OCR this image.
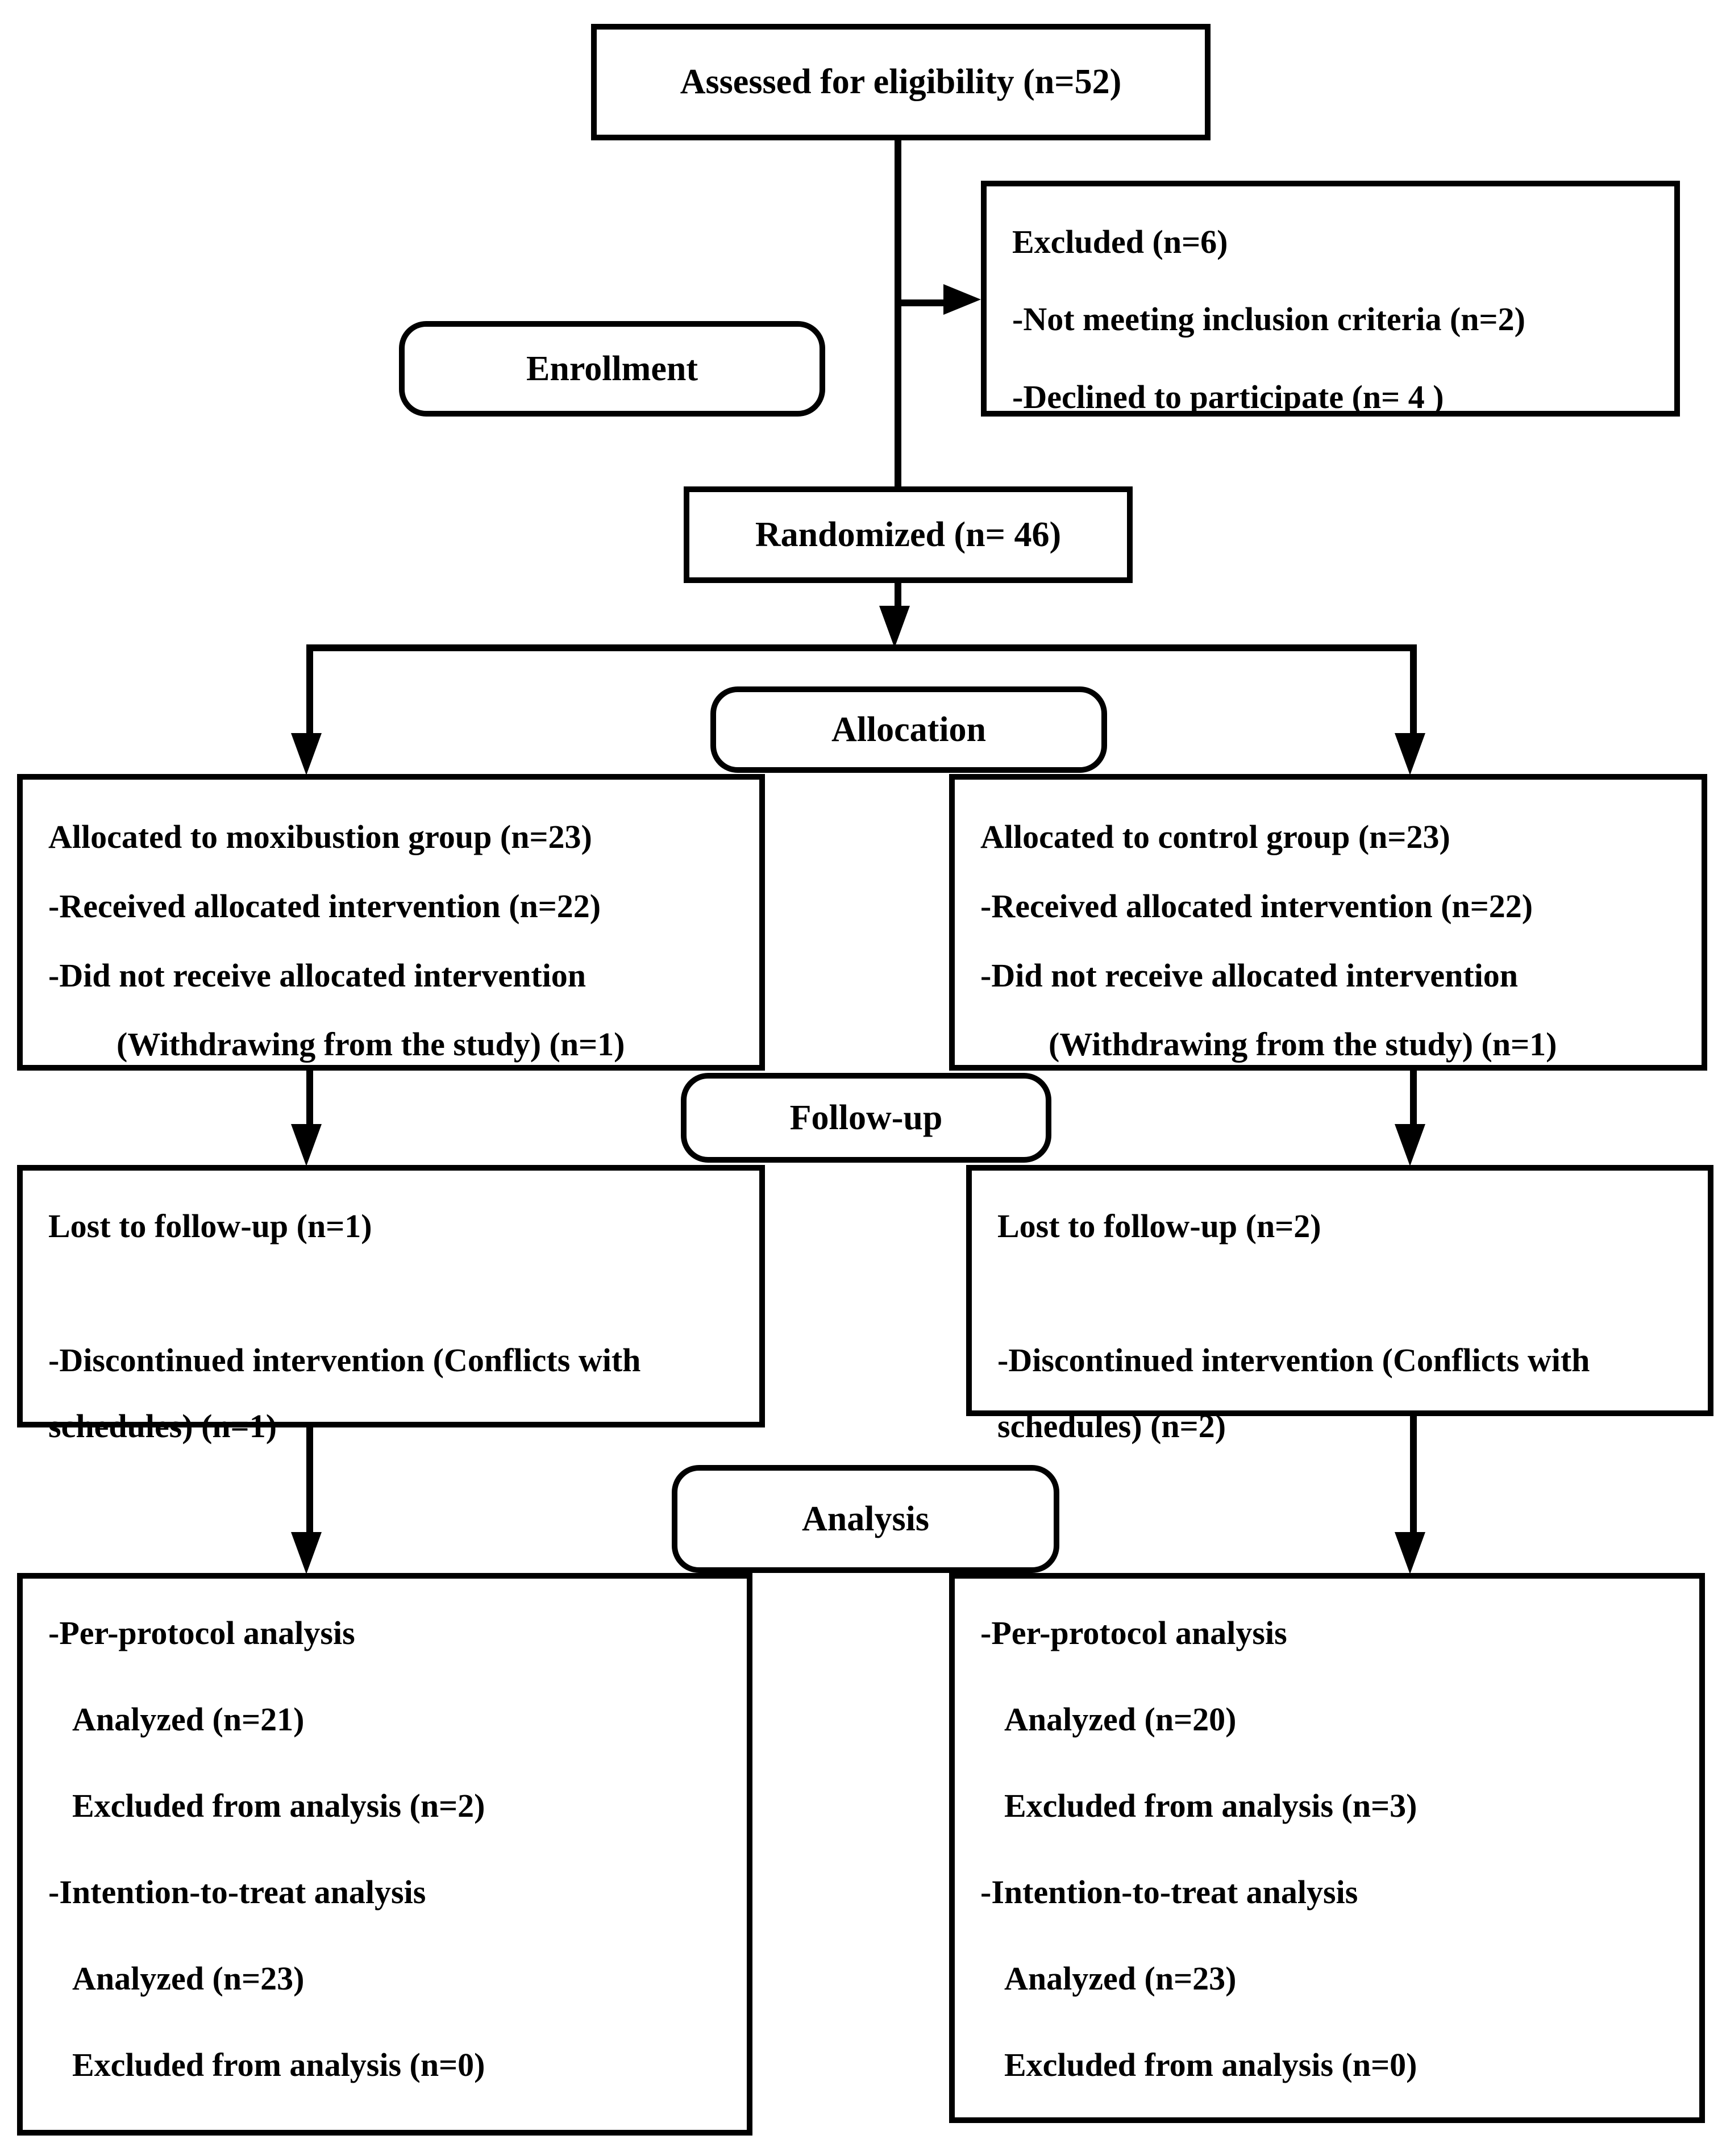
Assessed for eligibility (n=52)
Excluded (n=6)
-Not meeting inclusion criteria (n=2)
-Declined to participate (n= 4 )
Enrollment
Randomized (n= 46)
Allocation
Allocated to moxibustion group (n=23)
-Received allocated intervention (n=22)
-Did not receive allocated intervention
(Withdrawing from the study) (n=1)
Allocated to control group (n=23)
-Received allocated intervention (n=22)
-Did not receive allocated intervention
(Withdrawing from the study) (n=1)
Follow-up
Lost to follow-up (n=1)
-Discontinued intervention (Conflicts with schedules) (n=1)
Lost to follow-up (n=2)
-Discontinued intervention (Conflicts with schedules) (n=2)
Analysis
-Per-protocol analysis
Analyzed (n=21)
Excluded from analysis (n=2)
-Intention-to-treat analysis
Analyzed (n=23)
Excluded from analysis (n=0)
-Per-protocol analysis
Analyzed (n=20)
Excluded from analysis (n=3)
-Intention-to-treat analysis
Analyzed (n=23)
Excluded from analysis (n=0)
